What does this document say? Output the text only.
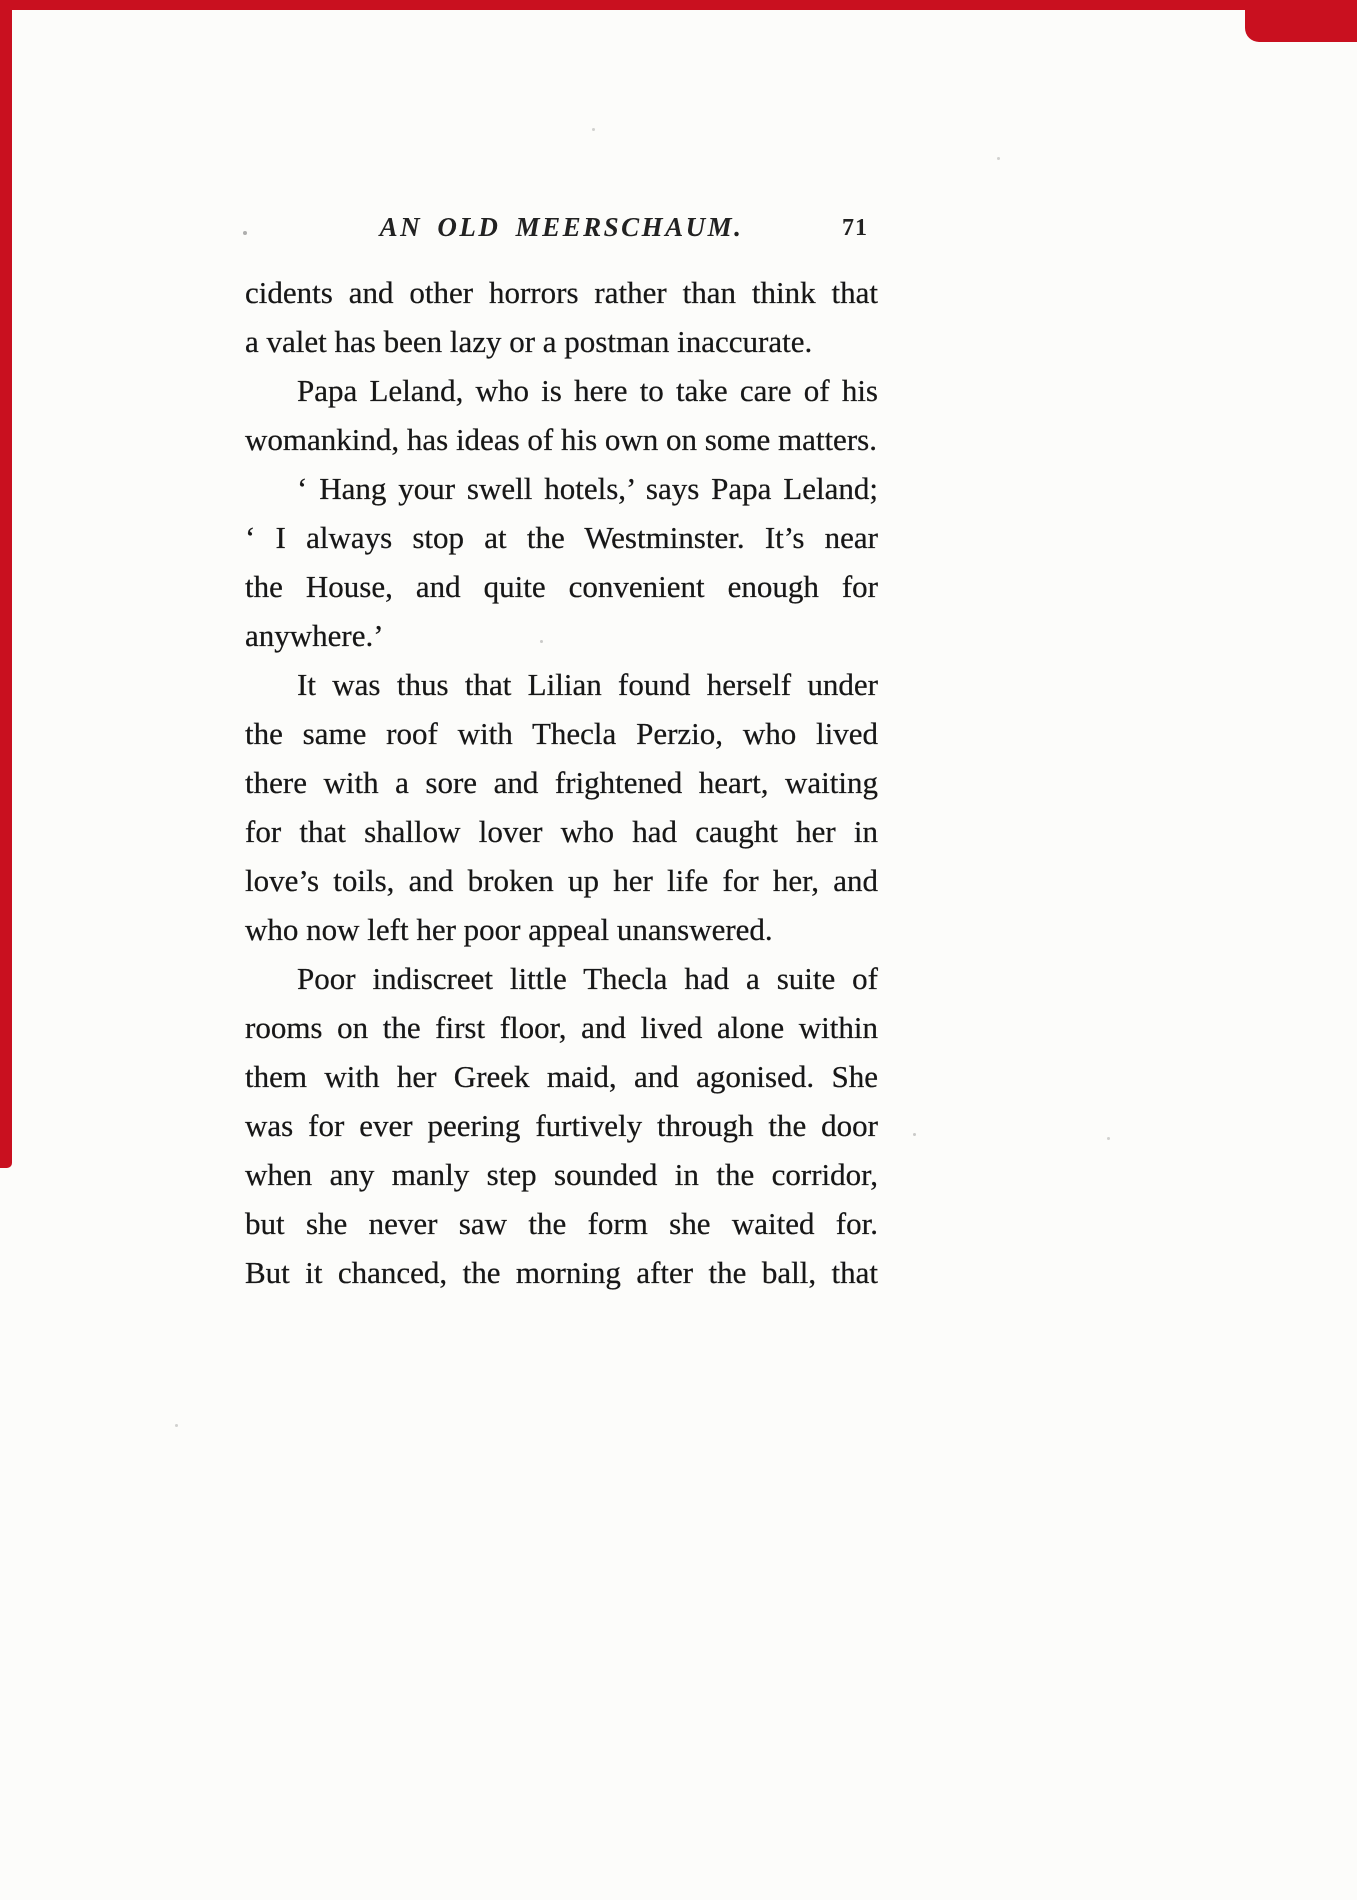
AN OLD MEERSCHAUM.	71
cidents and other horrors rather than think that
a valet has been lazy or a postman inaccurate.
Papa Leland, who is here to take care of his
womankind, has ideas of his own on some matters.
‘ Hang your swell hotels,’ says Papa Leland;
‘ I always stop at the Westminster. It’s near
the House, and quite convenient enough for
anywhere.’
It was thus that Lilian found herself under
the same roof with Thecla Perzio, who lived
there with a sore and frightened heart, waiting
for that shallow lover who had caught her in
love’s toils, and broken up her life for her, and
who now left her poor appeal unanswered.
Poor indiscreet little Thecla had a suite of
rooms on the first floor, and lived alone within
them with her Greek maid, and agonised. She
was for ever peering furtively through the door
when any manly step sounded in the corridor,
but she never saw the form she waited for.
But it chanced, the morning after the ball, that
